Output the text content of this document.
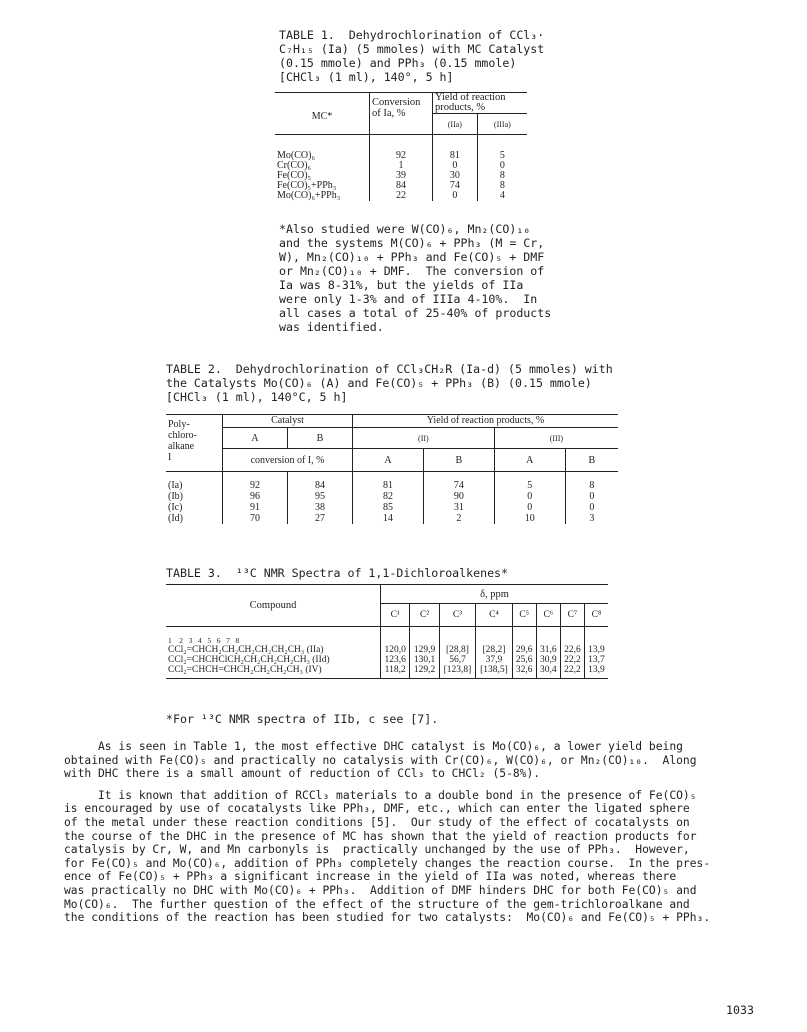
TABLE 1.  Dehydrochlorination of CCl₃·
C₇H₁₅ (Ia) (5 mmoles) with MC Catalyst
(0.15 mmole) and PPh₃ (0.15 mmole)
[CHCl₃ (1 ml), 140°, 5 h]
MC*	Conversion of Ia, %	Yield of reaction products, %	
		(IIa)	(IIIa)

Mo(CO)₆	92	81	5
Cr(CO)₆	1	0	0
Fe(CO)₅	39	30	8
Fe(CO)₅+PPh₃	84	74	8
Mo(CO)₆+PPh₃	22	0	4
*Also studied were W(CO)₆, Mn₂(CO)₁₀
and the systems M(CO)₆ + PPh₃ (M = Cr,
W), Mn₂(CO)₁₀ + PPh₃ and Fe(CO)₅ + DMF
or Mn₂(CO)₁₀ + DMF.  The conversion of
Ia was 8-31%, but the yields of IIa
were only 1-3% and of IIIa 4-10%.  In
all cases a total of 25-40% of products
was identified.
TABLE 2.  Dehydrochlorination of CCl₃CH₂R (Ia-d) (5 mmoles) with
the Catalysts Mo(CO)₆ (A) and Fe(CO)₅ + PPh₃ (B) (0.15 mmole)
[CHCl₃ (1 ml), 140°C, 5 h]
Poly-
chloro-
alkane
I	Catalyst		Yield of reaction products, %			
	A	B	(II)		(III)	
	conversion of I, %		A	B	A	B

(Ia)	92	84	81	74	5	8
(Ib)	96	95	82	90	0	0
(Ic)	91	38	85	31	0	0
(Id)	70	27	14	2	10	3
TABLE 3.  ¹³C NMR Spectra of 1,1-Dichloroalkenes*
Compound	δ, ppm							
	C¹	C²	C³	C⁴	C⁵	C⁶	C⁷	C⁸
1    2   3   4   5   6   7   8								
CCl₂=CHCH₂CH₂CH₂CH₂CH₂CH₃ (IIa)	120,0	129,9	[28,8]	[28,2]	29,6	31,6	22,6	13,9
CCl₂=CHCHClCH₂CH₂CH₂CH₂CH₃ (IId)	123,6	130,1	56,7	37,9	25,6	30,9	22,2	13,7
CCl₂=CHCH=CHCH₂CH₂CH₂CH₃ (IV)	118,2	129,2	[123,8]	[138,5]	32,6	30,4	22,2	13,9

*For ¹³C NMR spectra of IIb, c see [7].

As is seen in Table 1, the most effective DHC catalyst is Mo(CO)₆, a lower yield being

obtained with Fe(CO)₅ and practically no catalysis with Cr(CO)₆, W(CO)₆, or Mn₂(CO)₁₀.  Along

with DHC there is a small amount of reduction of CCl₃ to CHCl₂ (5-8%).

It is known that addition of RCCl₃ materials to a double bond in the presence of Fe(CO)₅

is encouraged by use of cocatalysts like PPh₃, DMF, etc., which can enter the ligated sphere

of the metal under these reaction conditions [5].  Our study of the effect of cocatalysts on

the course of the DHC in the presence of MC has shown that the yield of reaction products for

catalysis by Cr, W, and Mn carbonyls is  practically unchanged by the use of PPh₃.  However,

for Fe(CO)₅ and Mo(CO)₆, addition of PPh₃ completely changes the reaction course.  In the pres-

ence of Fe(CO)₅ + PPh₃ a significant increase in the yield of IIa was noted, whereas there

was practically no DHC with Mo(CO)₆ + PPh₃.  Addition of DMF hinders DHC for both Fe(CO)₅ and

Mo(CO)₆.  The further question of the effect of the structure of the gem-trichloroalkane and

the conditions of the reaction has been studied for two catalysts:  Mo(CO)₆ and Fe(CO)₅ + PPh₃.

1033
